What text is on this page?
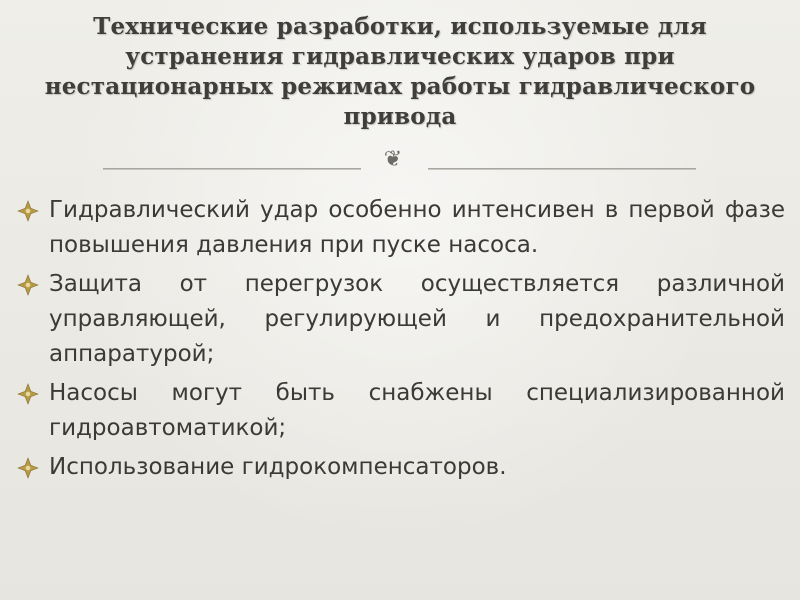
Технические разработки, используемые для устранения гидравлических ударов при нестационарных режимах работы гидравлического привода
❦
Гидравлический удар особенно интенсивен в первой фазе повышения давления при пуске насоса.
Защита от перегрузок осуществляется различной управляющей, регулирующей и предохранительной аппаратурой;
Насосы могут быть снабжены специализированной гидроавтоматикой;
Использование гидрокомпенсаторов.
